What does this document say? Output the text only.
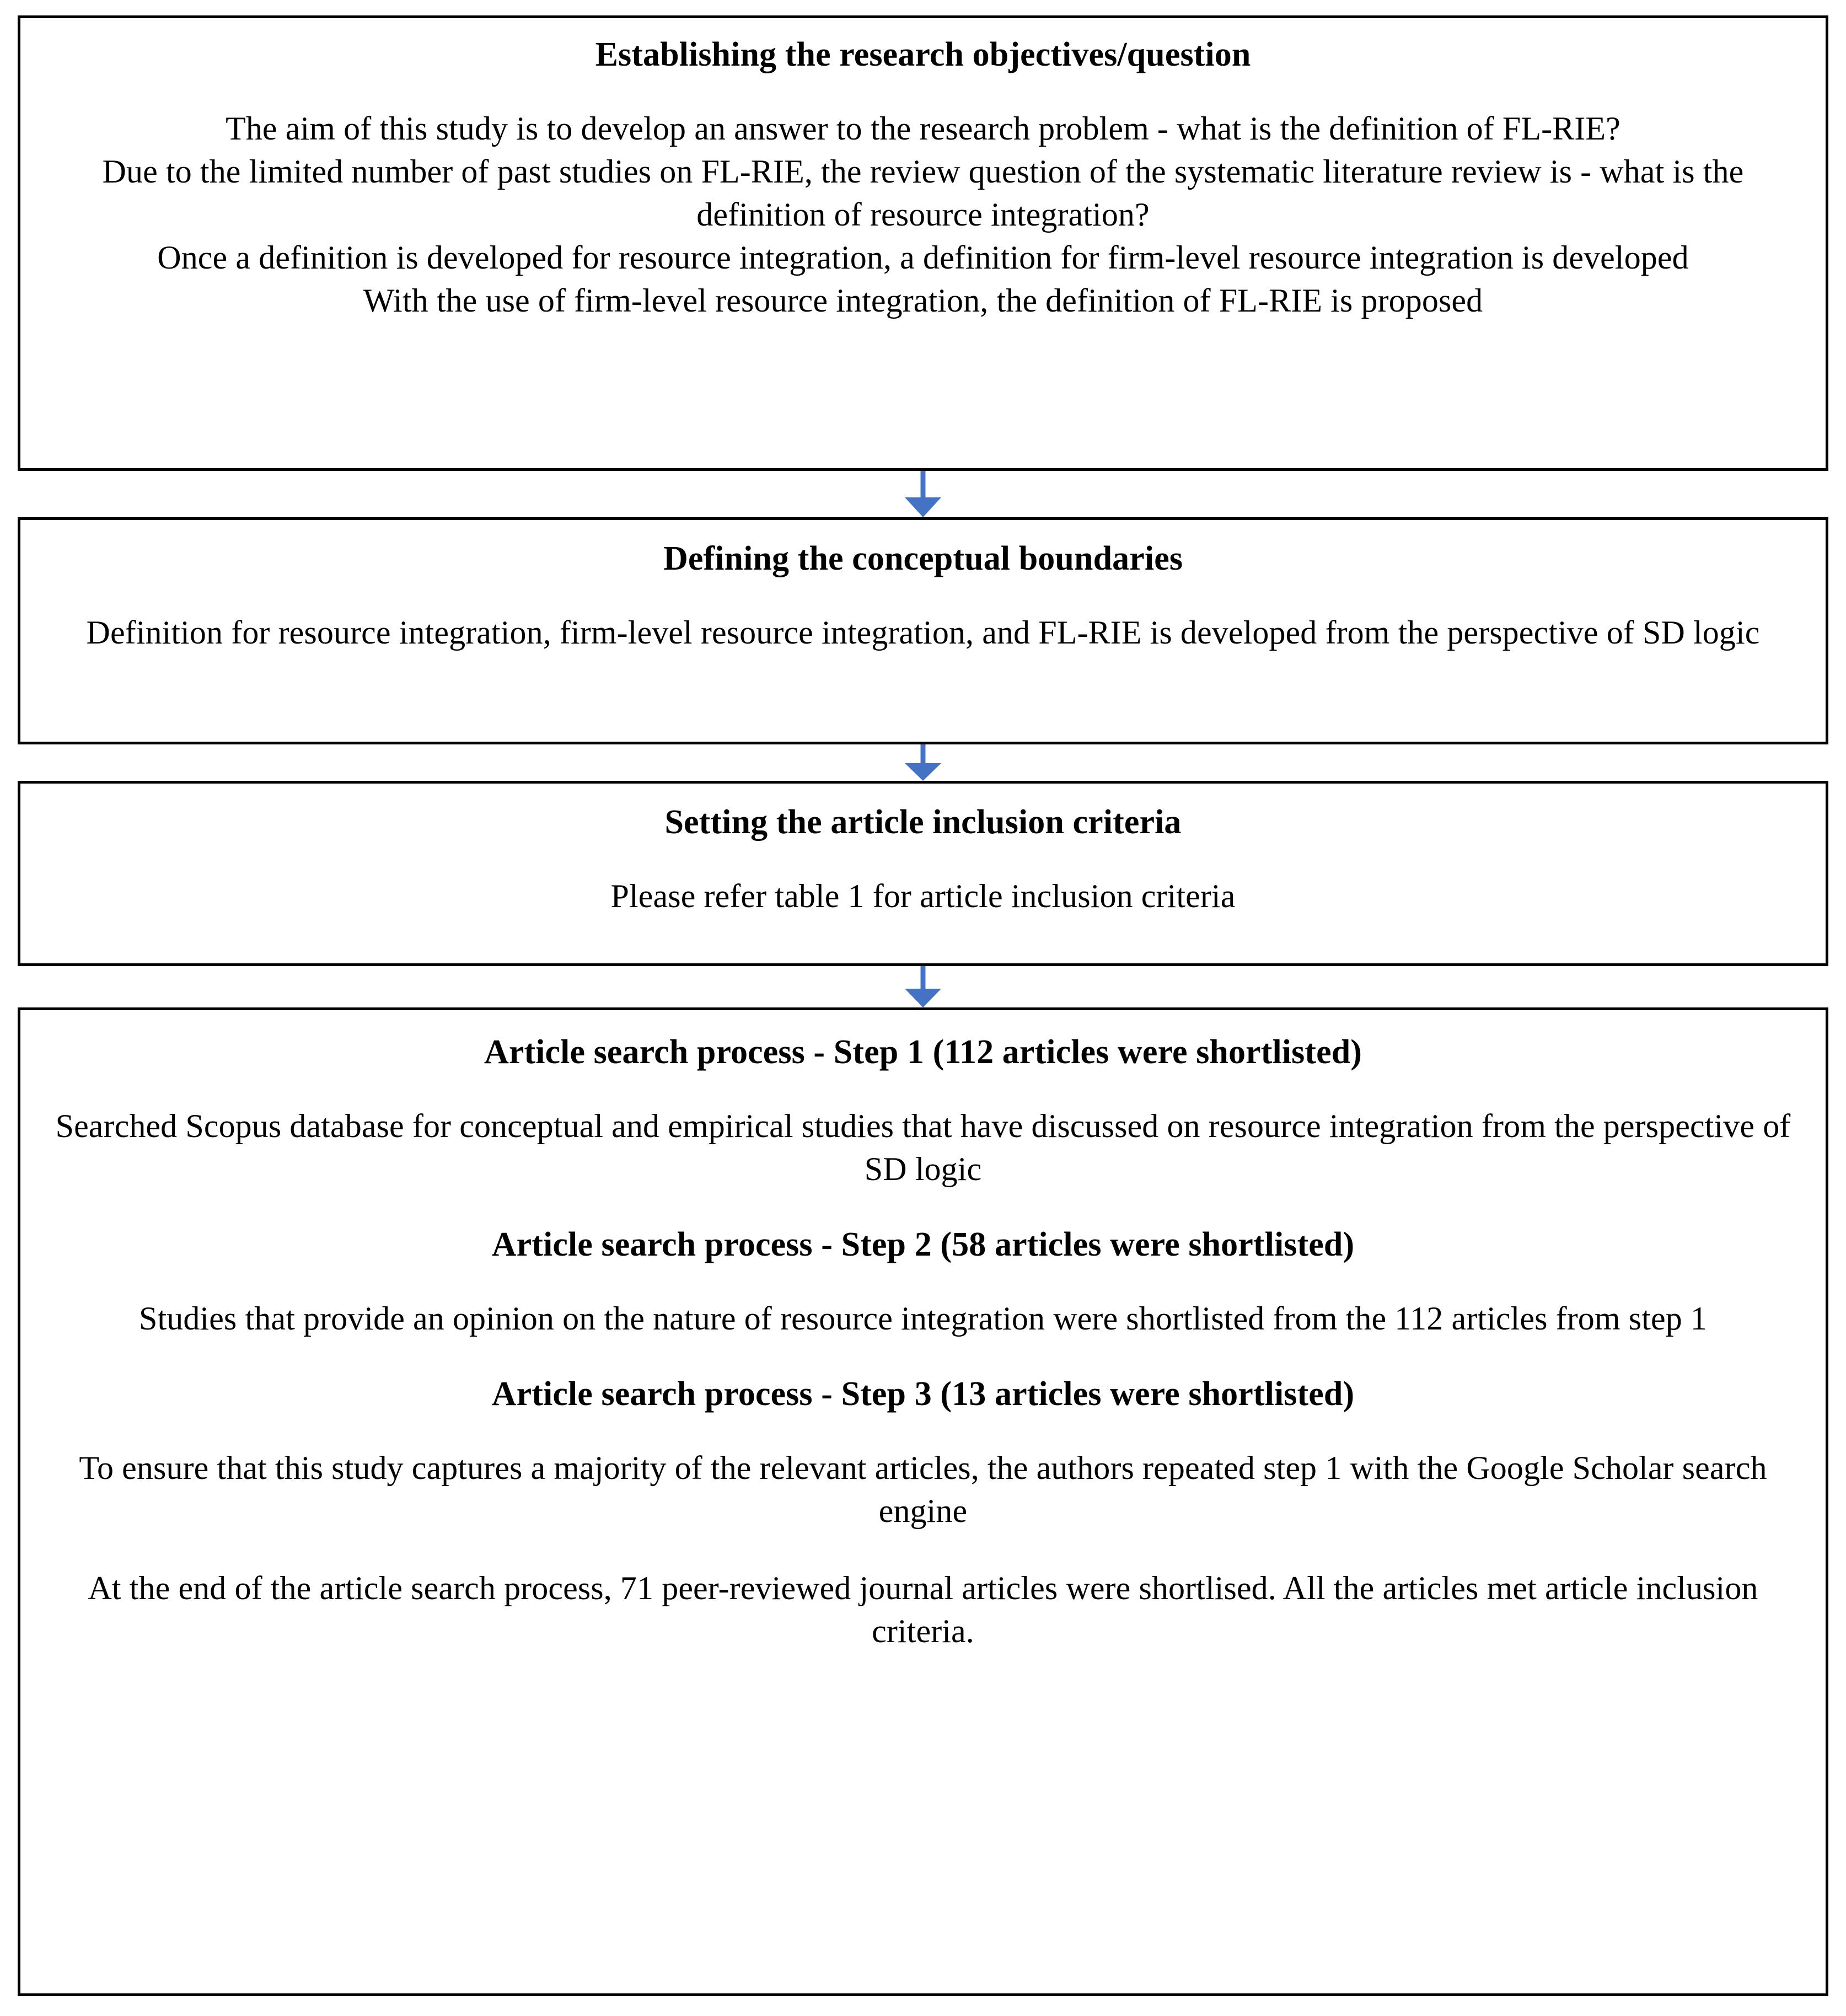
Establishing the research objectives/question
The aim of this study is to develop an answer to the research problem - what is the definition of FL-RIE?
Due to the limited number of past studies on FL-RIE, the review question of the systematic literature review is - what is the definition of resource integration?
Once a definition is developed for resource integration, a definition for firm-level resource integration is developed
With the use of firm-level resource integration, the definition of FL-RIE is proposed
Defining the conceptual boundaries
Definition for resource integration, firm-level resource integration, and FL-RIE is developed from the perspective of SD logic
Setting the article inclusion criteria
Please refer table 1 for article inclusion criteria
Article search process - Step 1 (112 articles were shortlisted)
Searched Scopus database for conceptual and empirical studies that have discussed on resource integration from the perspective of SD logic
Article search process - Step 2 (58 articles were shortlisted)
Studies that provide an opinion on the nature of resource integration were shortlisted from the 112 articles from step 1
Article search process - Step 3 (13 articles were shortlisted)
To ensure that this study captures a majority of the relevant articles, the authors repeated step 1 with the Google Scholar search engine
At the end of the article search process, 71 peer-reviewed journal articles were shortlised. All the articles met article inclusion criteria.
